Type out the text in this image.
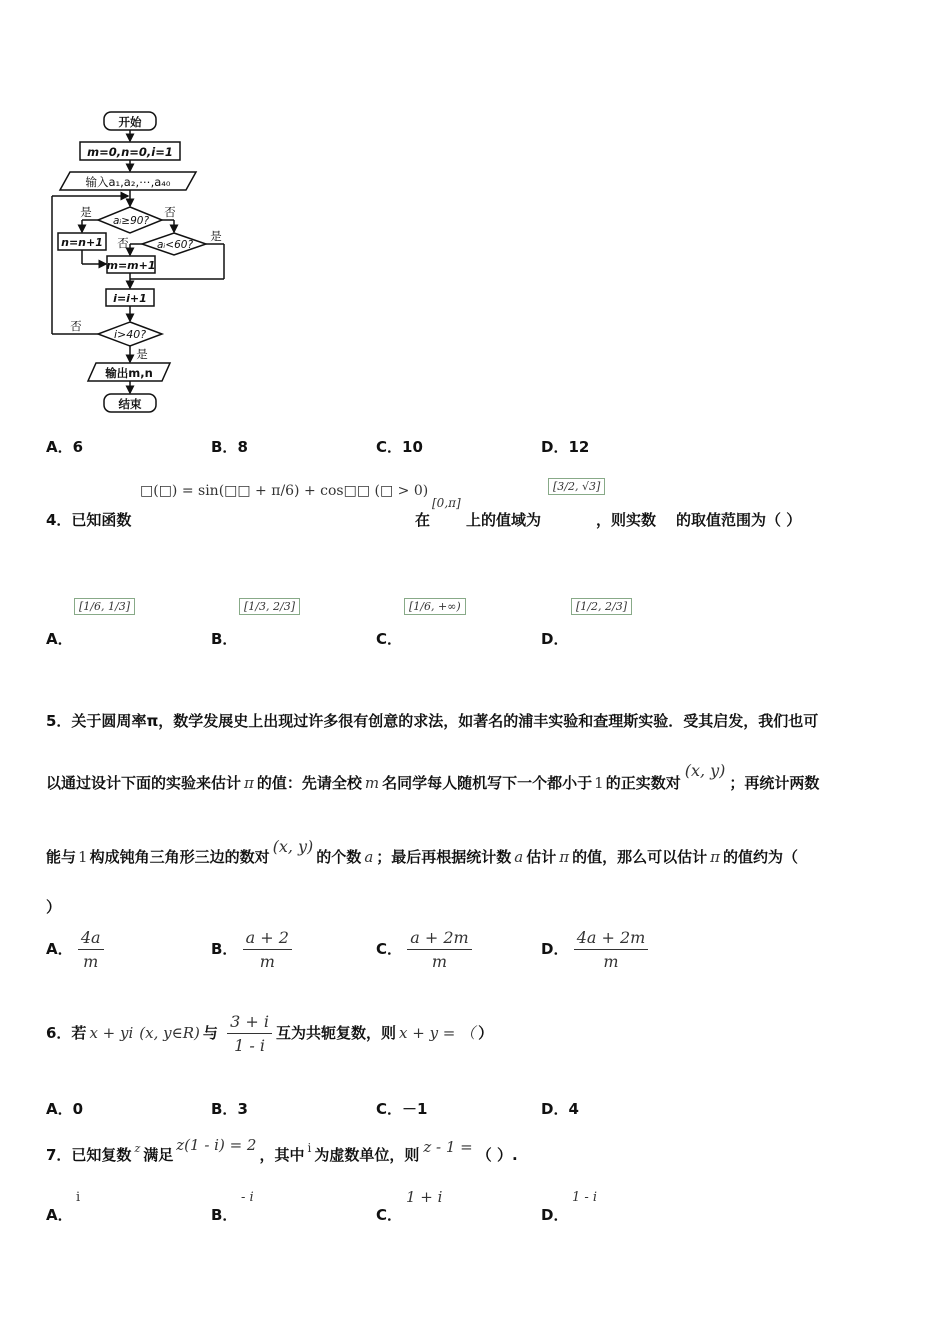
开始
m=0,n=0,i=1
输入a₁,a₂,⋯,a₄₀
aᵢ≥90?
是	否
n=n+1	aᵢ<60?
否	是
m=m+1
i=i+1
i>40?
否
是
输出m,n
结束
A．6	B．8	C．10	D．12
□(□) = sin(□□ + π/6) + cos□□ (□ > 0)
4．已知函数	在
[0,π]
上的值域为
[3/2, √3]
，则实数 的取值范围为（ ）
A．
[1/6, 1/3]
B．
[1/3, 2/3]
C．
[1/6, +∞)
D．
[1/2, 2/3]
5．关于圆周率π，数学发展史上出现过许多很有创意的求法，如著名的浦丰实验和查理斯实验．受其启发，我们也可
以通过设计下面的实验来估计 π 的值：先请全校 m 名同学每人随机写下一个都小于 1 的正实数对(x, y)；再统计两数
能与 1 构成钝角三角形三边的数对(x, y)的个数 a ；最后再根据统计数 a 估计 π 的值，那么可以估计 π 的值约为（
）
A． $\frac{4a}{m}$	B． $\frac{a + 2}{m}$	C． $\frac{a + 2m}{m}$	D． $\frac{4a + 2m}{m}$
6．若 x + yi (x, y∈R) 与 $\frac{3 + i}{1 - i}$ 互为共轭复数，则 x + y = （ ）
A．0	B．3	C．－1	D．4
7．已知复数 $^z$ 满足z(1 - i) = 2，其中 $^i$ 为虚数单位，则 z - 1 = （ ）.
A．
i
B．
- i
C．
1 + i
D．
1 - i
